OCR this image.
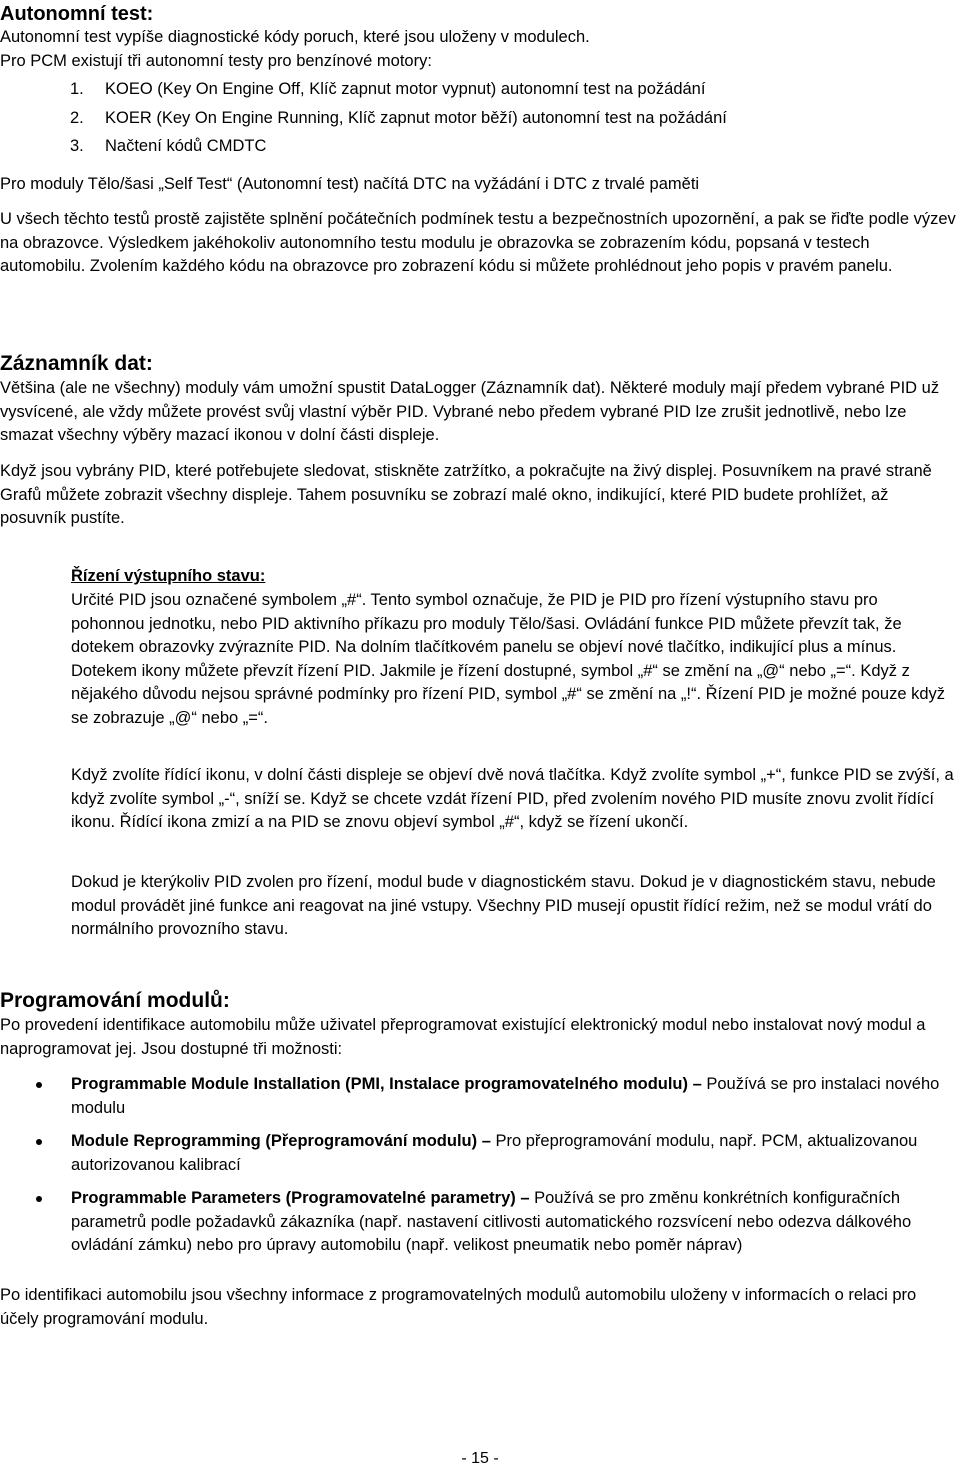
Autonomní test:

Autonomní test vypíše diagnostické kódy poruch, které jsou uloženy v modulech.

Pro PCM existují tři autonomní testy pro benzínové motory:

1. KOEO (Key On Engine Off, Klíč zapnut motor vypnut) autonomní test na požádání
2. KOER (Key On Engine Running, Klíč zapnut motor běží) autonomní test na požádání
3. Načtení kódů CMDTC

Pro moduly Tělo/šasi „Self Test“ (Autonomní test) načítá DTC na vyžádání i DTC z trvalé paměti

U všech těchto testů prostě zajistěte splnění počátečních podmínek testu a bezpečnostních upozornění, a pak se řiďte podle výzev na obrazovce. Výsledkem jakéhokoliv autonomního testu modulu je obrazovka se zobrazením kódu, popsaná v testech automobilu. Zvolením každého kódu na obrazovce pro zobrazení kódu si můžete prohlédnout jeho popis v pravém panelu.

Záznamník dat:

Většina (ale ne všechny) moduly vám umožní spustit DataLogger (Záznamník dat). Některé moduly mají předem vybrané PID už vysvícené, ale vždy můžete provést svůj vlastní výběr PID. Vybrané nebo předem vybrané PID lze zrušit jednotlivě, nebo lze smazat všechny výběry mazací ikonou v dolní části displeje.

Když jsou vybrány PID, které potřebujete sledovat, stiskněte zatržítko, a pokračujte na živý displej. Posuvníkem na pravé straně Grafů můžete zobrazit všechny displeje. Tahem posuvníku se zobrazí malé okno, indikující, které PID budete prohlížet, až posuvník pustíte.

Řízení výstupního stavu:

Určité PID jsou označené symbolem „#“. Tento symbol označuje, že PID je PID pro řízení výstupního stavu pro pohonnou jednotku, nebo PID aktivního příkazu pro moduly Tělo/šasi. Ovládání funkce PID můžete převzít tak, že dotekem obrazovky zvýrazníte PID. Na dolním tlačítkovém panelu se objeví nové tlačítko, indikující plus a mínus. Dotekem ikony můžete převzít řízení PID. Jakmile je řízení dostupné, symbol „#“ se změní na „@“ nebo „=“. Když z nějakého důvodu nejsou správné podmínky pro řízení PID, symbol „#“ se změní na „!“. Řízení PID je možné pouze když se zobrazuje „@“ nebo „=“.

Když zvolíte řídící ikonu, v dolní části displeje se objeví dvě nová tlačítka. Když zvolíte symbol „+“, funkce PID se zvýší, a když zvolíte symbol „-“, sníží se. Když se chcete vzdát řízení PID, před zvolením nového PID musíte znovu zvolit řídící ikonu. Řídící ikona zmizí a na PID se znovu objeví symbol „#“, když se řízení ukončí.

Dokud je kterýkoliv PID zvolen pro řízení, modul bude v diagnostickém stavu. Dokud je v diagnostickém stavu, nebude modul provádět jiné funkce ani reagovat na jiné vstupy. Všechny PID musejí opustit řídící režim, než se modul vrátí do normálního provozního stavu.

Programování modulů:

Po provedení identifikace automobilu může uživatel přeprogramovat existující elektronický modul nebo instalovat nový modul a naprogramovat jej. Jsou dostupné tři možnosti:

Programmable Module Installation (PMI, Instalace programovatelného modulu) – Používá se pro instalaci nového modulu
Module Reprogramming (Přeprogramování modulu) – Pro přeprogramování modulu, např. PCM, aktualizovanou autorizovanou kalibrací
Programmable Parameters (Programovatelné parametry) – Používá se pro změnu konkrétních konfiguračních parametrů podle požadavků zákazníka (např. nastavení citlivosti automatického rozsvícení nebo odezva dálkového ovládání zámku) nebo pro úpravy automobilu (např. velikost pneumatik nebo poměr náprav)

Po identifikaci automobilu jsou všechny informace z programovatelných modulů automobilu uloženy v informacích o relaci pro účely programování modulu.

- 15 -
